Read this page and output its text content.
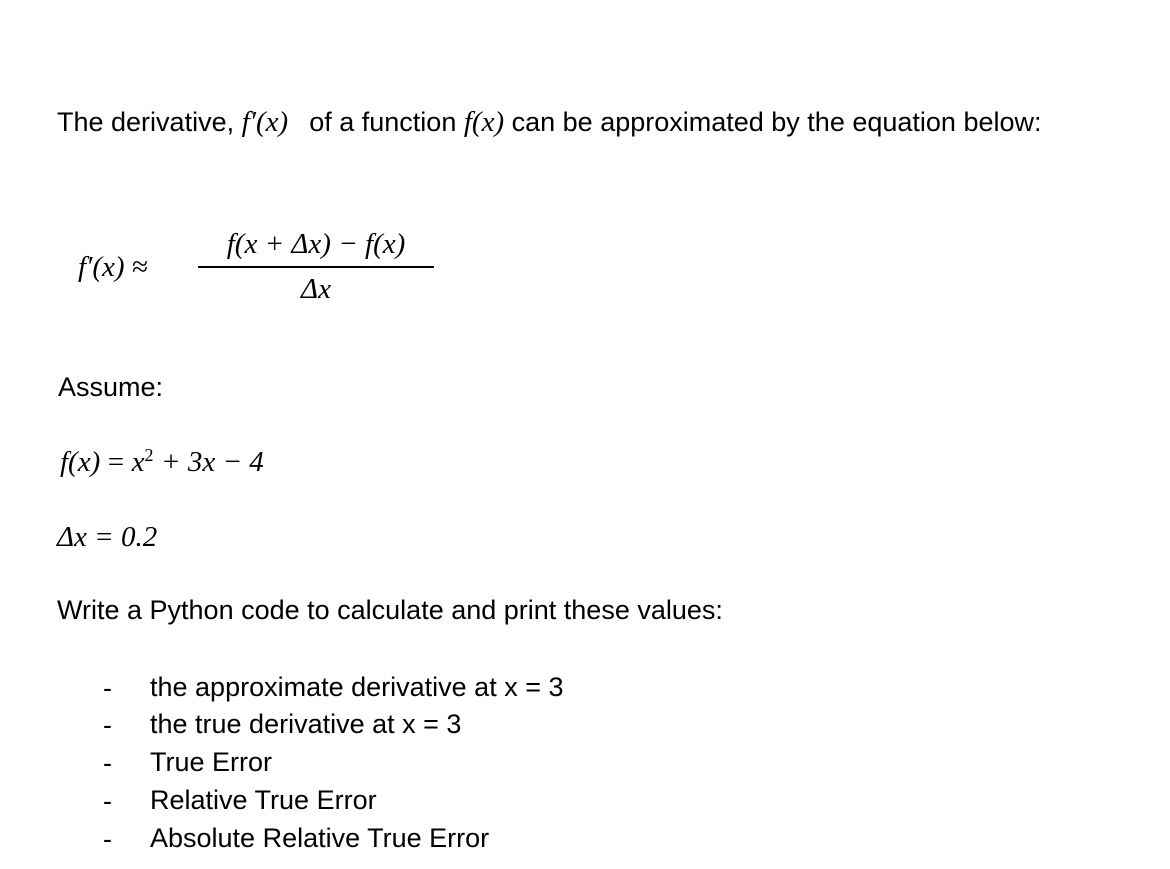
The derivative, f′(x) of a function f(x) can be approximated by the equation below:
f′(x) ≈
f(x + Δx) − f(x)
Δx
Assume:
$f(x) = x^2 + 3x - 4$
Δx = 0.2
Write a Python code to calculate and print these values:
- the approximate derivative at x = 3
- the true derivative at x = 3
- True Error
- Relative True Error
- Absolute Relative True Error
